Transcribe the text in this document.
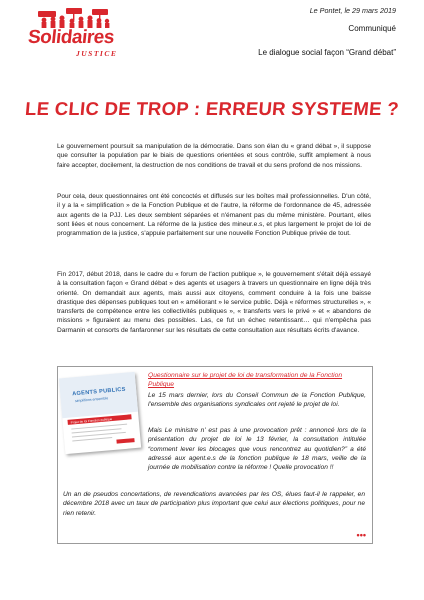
Solidaires
JUSTICE
Le Pontet, le 29 mars 2019
Communiqué
Le dialogue social façon “Grand débat”
LE CLIC DE TROP : ERREUR SYSTEME ?

Le gouvernement poursuit sa manipulation de la démocratie. Dans son élan du « grand débat », il suppose que consulter la population par le biais de questions orientées et sous contrôle, suffit amplement à nous faire accepter, docilement, la destruction de nos conditions de travail et du sens profond de nos missions.

Pour cela, deux questionnaires ont été concoctés et diffusés sur les boîtes mail professionnelles. D'un côté, il y a la « simplification » de la Fonction Publique et de l'autre, la réforme de l'ordonnance de 45, adressée aux agents de la PJJ. Les deux semblent séparées et n'émanent pas du même ministère. Pourtant, elles sont liées et nous concernent. La réforme de la justice des mineur.e.s, et plus largement le projet de loi de programmation de la justice, s'appuie parfaitement sur une nouvelle Fonction Publique privée de tout.

Fin 2017, début 2018, dans le cadre du « forum de l'action publique », le gouvernement s'était déjà essayé à la consultation façon « Grand débat » des agents et usagers à travers un questionnaire en ligne déjà très orienté. On demandait aux agents, mais aussi aux citoyens, comment conduire à la fois une baisse drastique des dépenses publiques tout en « améliorant » le service public. Déjà « réformes structurelles », « transferts de compétence entre les collectivités publiques », « transferts vers le privé » et « abandons de missions » figuraient au menu des possibles. Las, ce fut un échec retentissant… qui n'empêcha pas Darmanin et consorts de fanfaronner sur les résultats de cette consultation aux résultats écrits d'avance.

AGENTS PUBLICS
simplifions ensemble
Projet de loi Fonction publique

Questionnaire sur le projet de loi de transformation de la Fonction Publique

Le 15 mars dernier, lors du Conseil Commun de la Fonction Publique, l'ensemble des organisations syndicales ont rejeté le projet de loi.

Mais Le ministre n' est pas à une provocation prêt : annoncé lors de la présentation du projet de loi le 13 février, la consultation intitulée “comment lever les blocages que vous rencontrez au quotidien?” a été adressé aux agent.e.s de la fonction publique le 18 mars, veille de la journée de mobilisation contre la réforme ! Quelle provocation !!

Un an de pseudos concertations, de revendications avancées par les OS, élues faut-il le rappeler, en décembre 2018 avec un taux de participation plus important que celui aux élections politiques, pour ne rien retenir.

•••
